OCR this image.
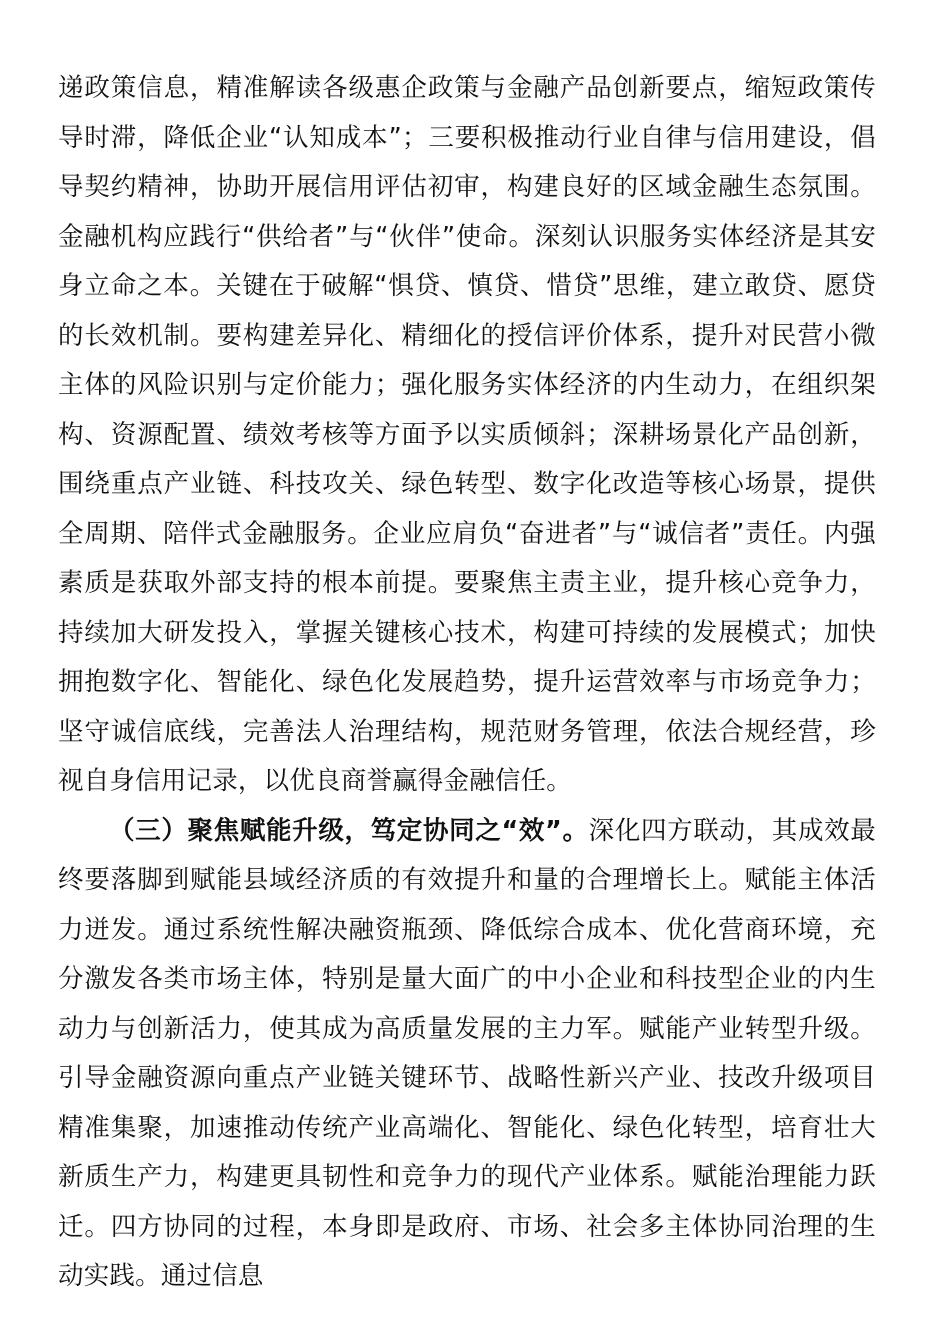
递政策信息，精准解读各级惠企政策与金融产品创新要点，缩短政策传导时滞，降低企业“认知成本”；三要积极推动行业自律与信用建设，倡导契约精神，协助开展信用评估初审，构建良好的区域金融生态氛围。金融机构应践行“供给者”与“伙伴”使命。深刻认识服务实体经济是其安身立命之本。关键在于破解“惧贷、慎贷、惜贷”思维，建立敢贷、愿贷的长效机制。要构建差异化、精细化的授信评价体系，提升对民营小微主体的风险识别与定价能力；强化服务实体经济的内生动力，在组织架构、资源配置、绩效考核等方面予以实质倾斜；深耕场景化产品创新，围绕重点产业链、科技攻关、绿色转型、数字化改造等核心场景，提供全周期、陪伴式金融服务。企业应肩负“奋进者”与“诚信者”责任。内强素质是获取外部支持的根本前提。要聚焦主责主业，提升核心竞争力，持续加大研发投入，掌握关键核心技术，构建可持续的发展模式；加快拥抱数字化、智能化、绿色化发展趋势，提升运营效率与市场竞争力；坚守诚信底线，完善法人治理结构，规范财务管理，依法合规经营，珍视自身信用记录，以优良商誉赢得金融信任。

（三）聚焦赋能升级，笃定协同之“效”。深化四方联动，其成效最终要落脚到赋能县域经济质的有效提升和量的合理增长上。赋能主体活力迸发。通过系统性解决融资瓶颈、降低综合成本、优化营商环境，充分激发各类市场主体，特别是量大面广的中小企业和科技型企业的内生动力与创新活力，使其成为高质量发展的主力军。赋能产业转型升级。引导金融资源向重点产业链关键环节、战略性新兴产业、技改升级项目精准集聚，加速推动传统产业高端化、智能化、绿色化转型，培育壮大新质生产力，构建更具韧性和竞争力的现代产业体系。赋能治理能力跃迁。四方协同的过程，本身即是政府、市场、社会多主体协同治理的生动实践。通过信息
